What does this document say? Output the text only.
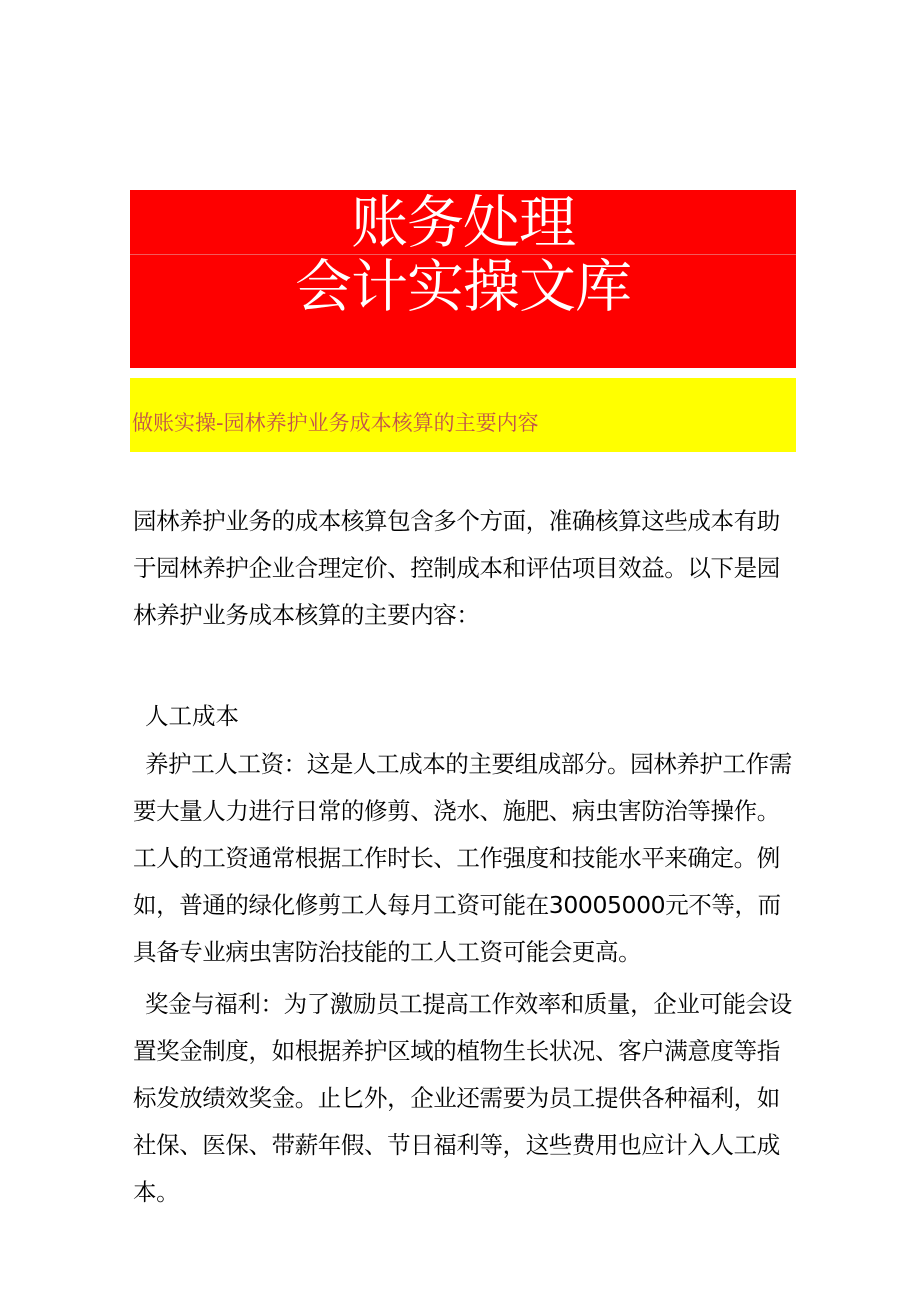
账务处理
会计实操文库
做账实操-园林养护业务成本核算的主要内容
园林养护业务的成本核算包含多个方面，准确核算这些成本有助于园林养护企业合理定价、控制成本和评估项目效益。以下是园林养护业务成本核算的主要内容：
人工成本
养护工人工资：这是人工成本的主要组成部分。园林养护工作需要大量人力进行日常的修剪、浇水、施肥、病虫害防治等操作。工人的工资通常根据工作时长、工作强度和技能水平来确定。例如，普通的绿化修剪工人每月工资可能在30005000元不等，而具备专业病虫害防治技能的工人工资可能会更高。
奖金与福利：为了激励员工提高工作效率和质量，企业可能会设置奖金制度，如根据养护区域的植物生长状况、客户满意度等指标发放绩效奖金。止匕外，企业还需要为员工提供各种福利，如社保、医保、带薪年假、节日福利等，这些费用也应计入人工成本。
